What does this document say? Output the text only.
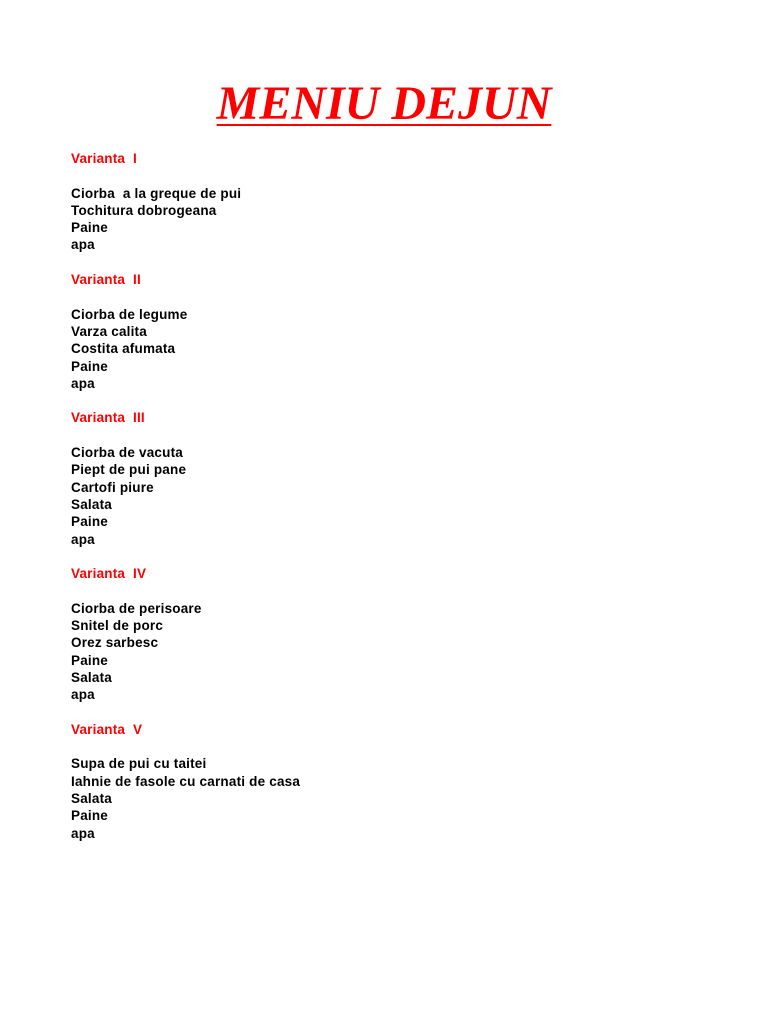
MENIU DEJUN
Varianta  I
Ciorba  a la greque de pui
Tochitura dobrogeana
Paine
apa
Varianta  II
Ciorba de legume
Varza calita
Costita afumata
Paine
apa
Varianta  III
Ciorba de vacuta
Piept de pui pane
Cartofi piure
Salata
Paine
apa
Varianta  IV
Ciorba de perisoare
Snitel de porc
Orez sarbesc
Paine
Salata
apa
Varianta  V
Supa de pui cu taitei
Iahnie de fasole cu carnati de casa
Salata
Paine
apa
